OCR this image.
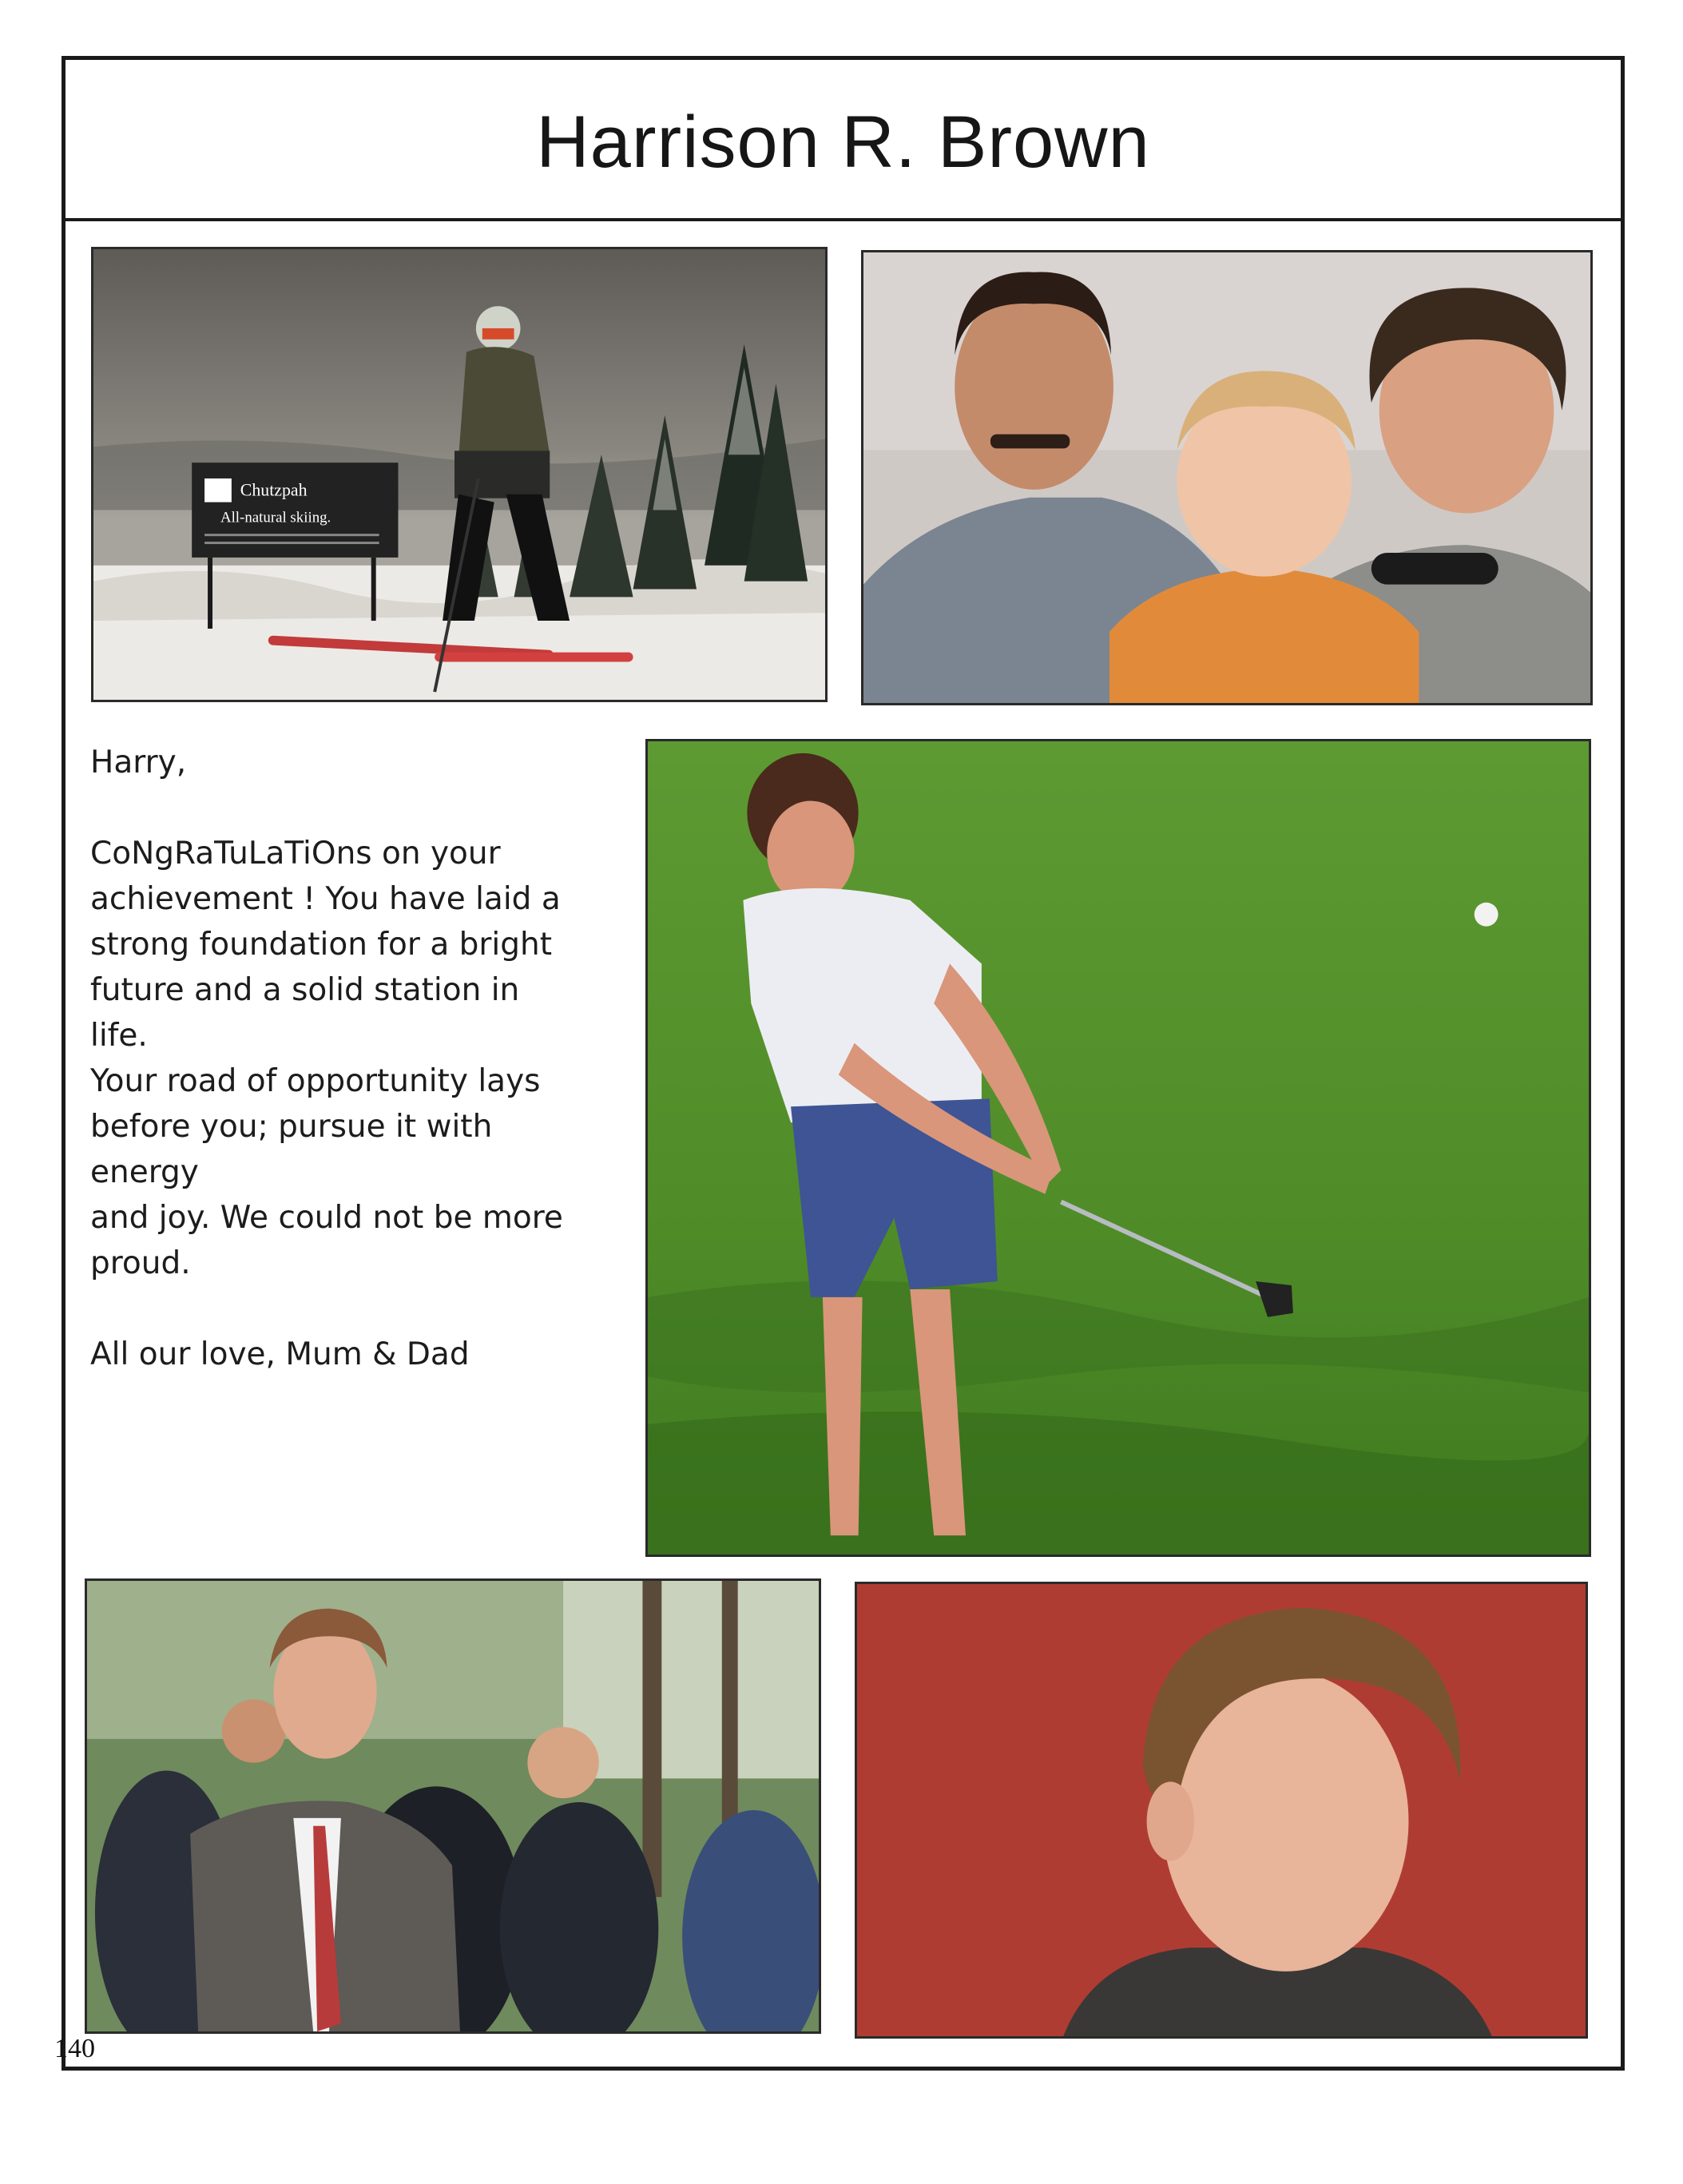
Harrison R. Brown
Chutzpah
All-natural skiing.

Harry,

CoNgRaTuLaTiOns on your

achievement ! You have laid a

strong foundation for a bright

future and a solid station in life.

Your road of opportunity lays

before you; pursue it with energy

and joy. We could not be more

proud.

All our love, Mum & Dad

140
